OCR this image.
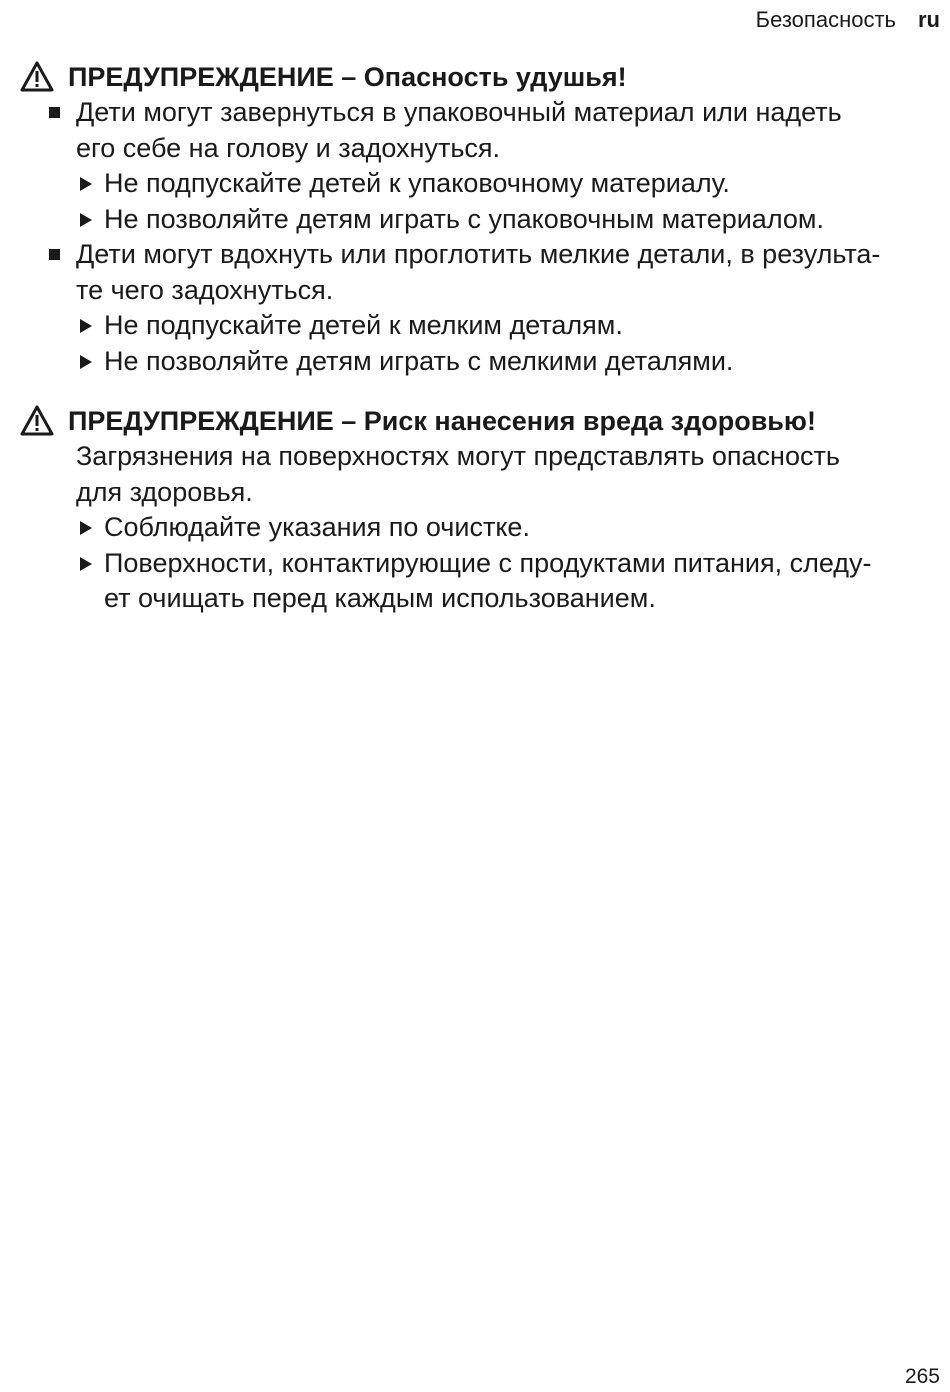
Безопасность ru
ПРЕДУПРЕЖДЕНИЕ – Опасность удушья!
Дети могут завернуться в упаковочный материал или надеть
его себе на голову и задохнуться.
Не подпускайте детей к упаковочному материалу.
Не позволяйте детям играть с упаковочным материалом.
Дети могут вдохнуть или проглотить мелкие детали, в результа-
те чего задохнуться.
Не подпускайте детей к мелким деталям.
Не позволяйте детям играть с мелкими деталями.
ПРЕДУПРЕЖДЕНИЕ – Риск нанесения вреда здоровью!
Загрязнения на поверхностях могут представлять опасность
для здоровья.
Соблюдайте указания по очистке.
Поверхности, контактирующие с продуктами питания, следу-
ет очищать перед каждым использованием.
265
